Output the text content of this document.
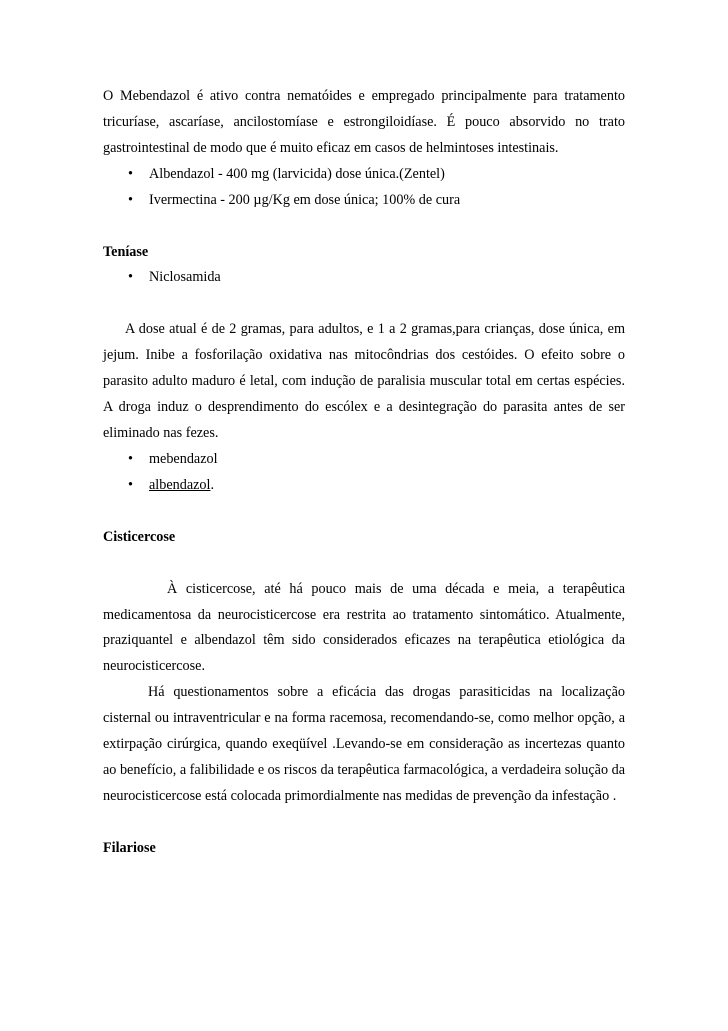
O Mebendazol é ativo contra nematóides e empregado principalmente para tratamento tricuríase, ascaríase, ancilostomíase e estrongiloidíase. É pouco absorvido no trato gastrointestinal de modo que é muito eficaz em casos de helmintoses intestinais.

• Albendazol - 400 mg (larvicida) dose única.(Zentel)
• Ivermectina - 200 µg/Kg em dose única; 100% de cura

Teníase

• Niclosamida

A dose atual é de 2 gramas, para adultos, e 1 a 2 gramas,para crianças, dose única, em jejum. Inibe a fosforilação oxidativa nas mitocôndrias dos cestóides. O efeito sobre o parasito adulto maduro é letal, com indução de paralisia muscular total em certas espécies. A droga induz o desprendimento do escólex e a desintegração do parasita antes de ser eliminado nas fezes.

• mebendazol
• albendazol.

Cisticercose

À cisticercose, até há pouco mais de uma década e meia, a terapêutica medicamentosa da neurocisticercose era restrita ao tratamento sintomático. Atualmente, praziquantel e albendazol têm sido considerados eficazes na terapêutica etiológica da neurocisticercose.

Há questionamentos sobre a eficácia das drogas parasiticidas na localização cisternal ou intraventricular e na forma racemosa, recomendando-se, como melhor opção, a extirpação cirúrgica, quando exeqüível .Levando-se em consideração as incertezas quanto ao benefício, a falibilidade e os riscos da terapêutica farmacológica, a verdadeira solução da neurocisticercose está colocada primordialmente nas medidas de prevenção da infestação .

Filariose
